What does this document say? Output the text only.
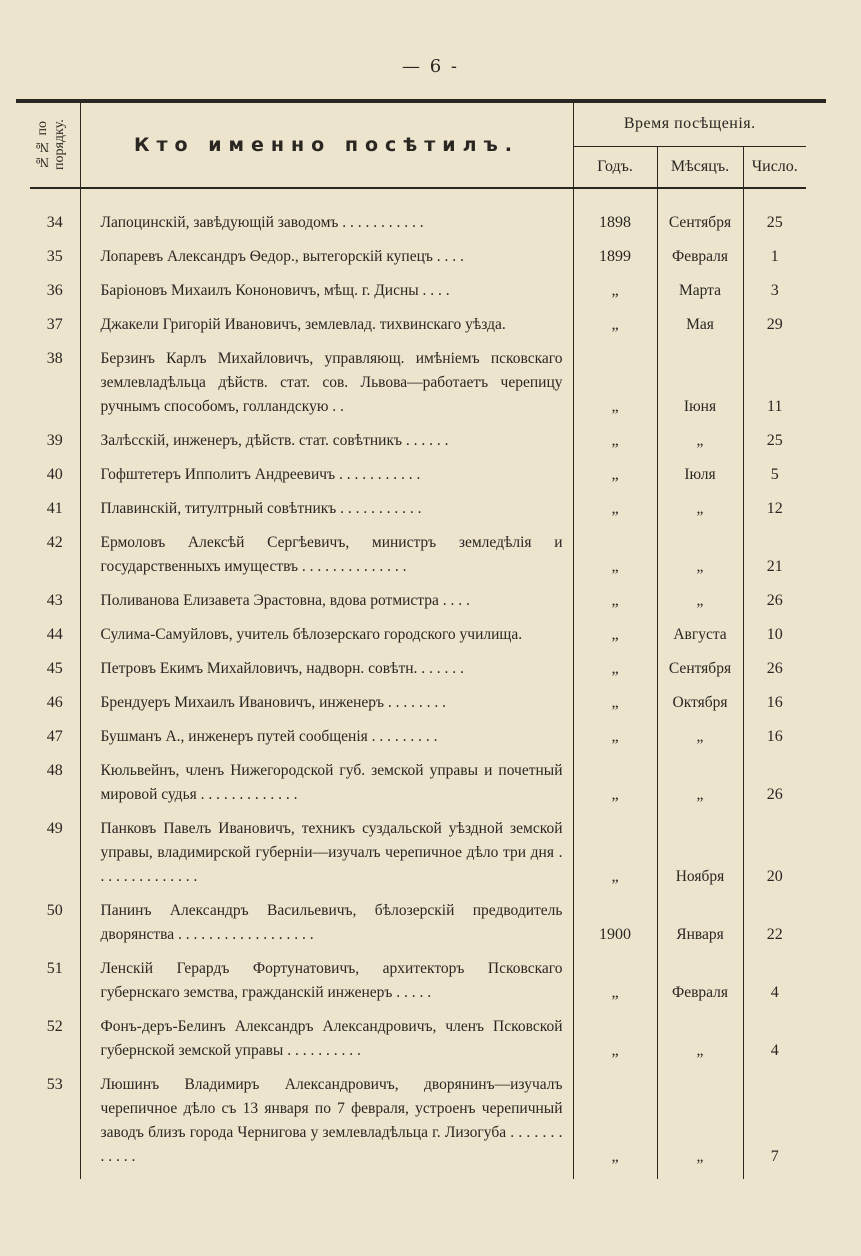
— 6 -
№№ по порядку.	Кто именно посѣтилъ.	Время посѣщенія.		
		Годъ.	Мѣсяцъ.	Число.

34	Лапоцинскій, завѣдующій заводомъ . . . . . . . . . . .	1898	Сентября	25
35	Лопаревъ Александръ Ѳедор., вытегорскій купецъ . . . .	1899	Февраля	1
36	Баріоновъ Михаилъ Кононовичъ, мѣщ. г. Дисны . . . .	„	Марта	3
37	Джакели Григорій Ивановичъ, землевлад. тихвинскаго уѣзда.	„	Мая	29
38	Берзинъ Карлъ Михайловичъ, управляющ. имѣніемъ псковскаго землевладѣльца дѣйств. стат. сов. Львова—работаетъ черепицу ручнымъ способомъ, голландскую . .	„	Іюня	11
39	Залѣсскій, инженеръ, дѣйств. стат. совѣтникъ . . . . . .	„	„	25
40	Гофштетеръ Ипполитъ Андреевичъ . . . . . . . . . . .	„	Іюля	5
41	Плавинскій, титултрный совѣтникъ . . . . . . . . . . .	„	„	12
42	Ермоловъ Алексѣй Сергѣевичъ, министръ земледѣлія и государственныхъ имуществъ . . . . . . . . . . . . . .	„	„	21
43	Поливанова Елизавета Эрастовна, вдова ротмистра . . . .	„	„	26
44	Сулима-Самуйловъ, учитель бѣлозерскаго городского училища.	„	Августа	10
45	Петровъ Екимъ Михайловичъ, надворн. совѣтн. . . . . . .	„	Сентября	26
46	Брендуеръ Михаилъ Ивановичъ, инженеръ . . . . . . . .	„	Октября	16
47	Бушманъ А., инженеръ путей сообщенія . . . . . . . . .	„	„	16
48	Кюльвейнъ, членъ Нижегородской губ. земской управы и почетный мировой судья . . . . . . . . . . . . .	„	„	26
49	Панковъ Павелъ Ивановичъ, техникъ суздальской уѣздной земской управы, владимирской губерніи—изучалъ черепичное дѣло три дня . . . . . . . . . . . . . .	„	Ноября	20
50	Панинъ Александръ Васильевичъ, бѣлозерскій предводитель дворянства . . . . . . . . . . . . . . . . . .	1900	Января	22
51	Ленскій Герардъ Фортунатовичъ, архитекторъ Псковскаго губернскаго земства, гражданскій инженеръ . . . . .	„	Февраля	4
52	Фонъ-деръ-Белинъ Александръ Александровичъ, членъ Псковской губернской земской управы . . . . . . . . . .	„	„	4
53	Люшинъ Владимиръ Александровичъ, дворянинъ—изучалъ черепичное дѣло съ 13 января по 7 февраля, устроенъ черепичный заводъ близъ города Чернигова у землевладѣльца г. Лизогуба . . . . . . . . . . . .	„	„	7
